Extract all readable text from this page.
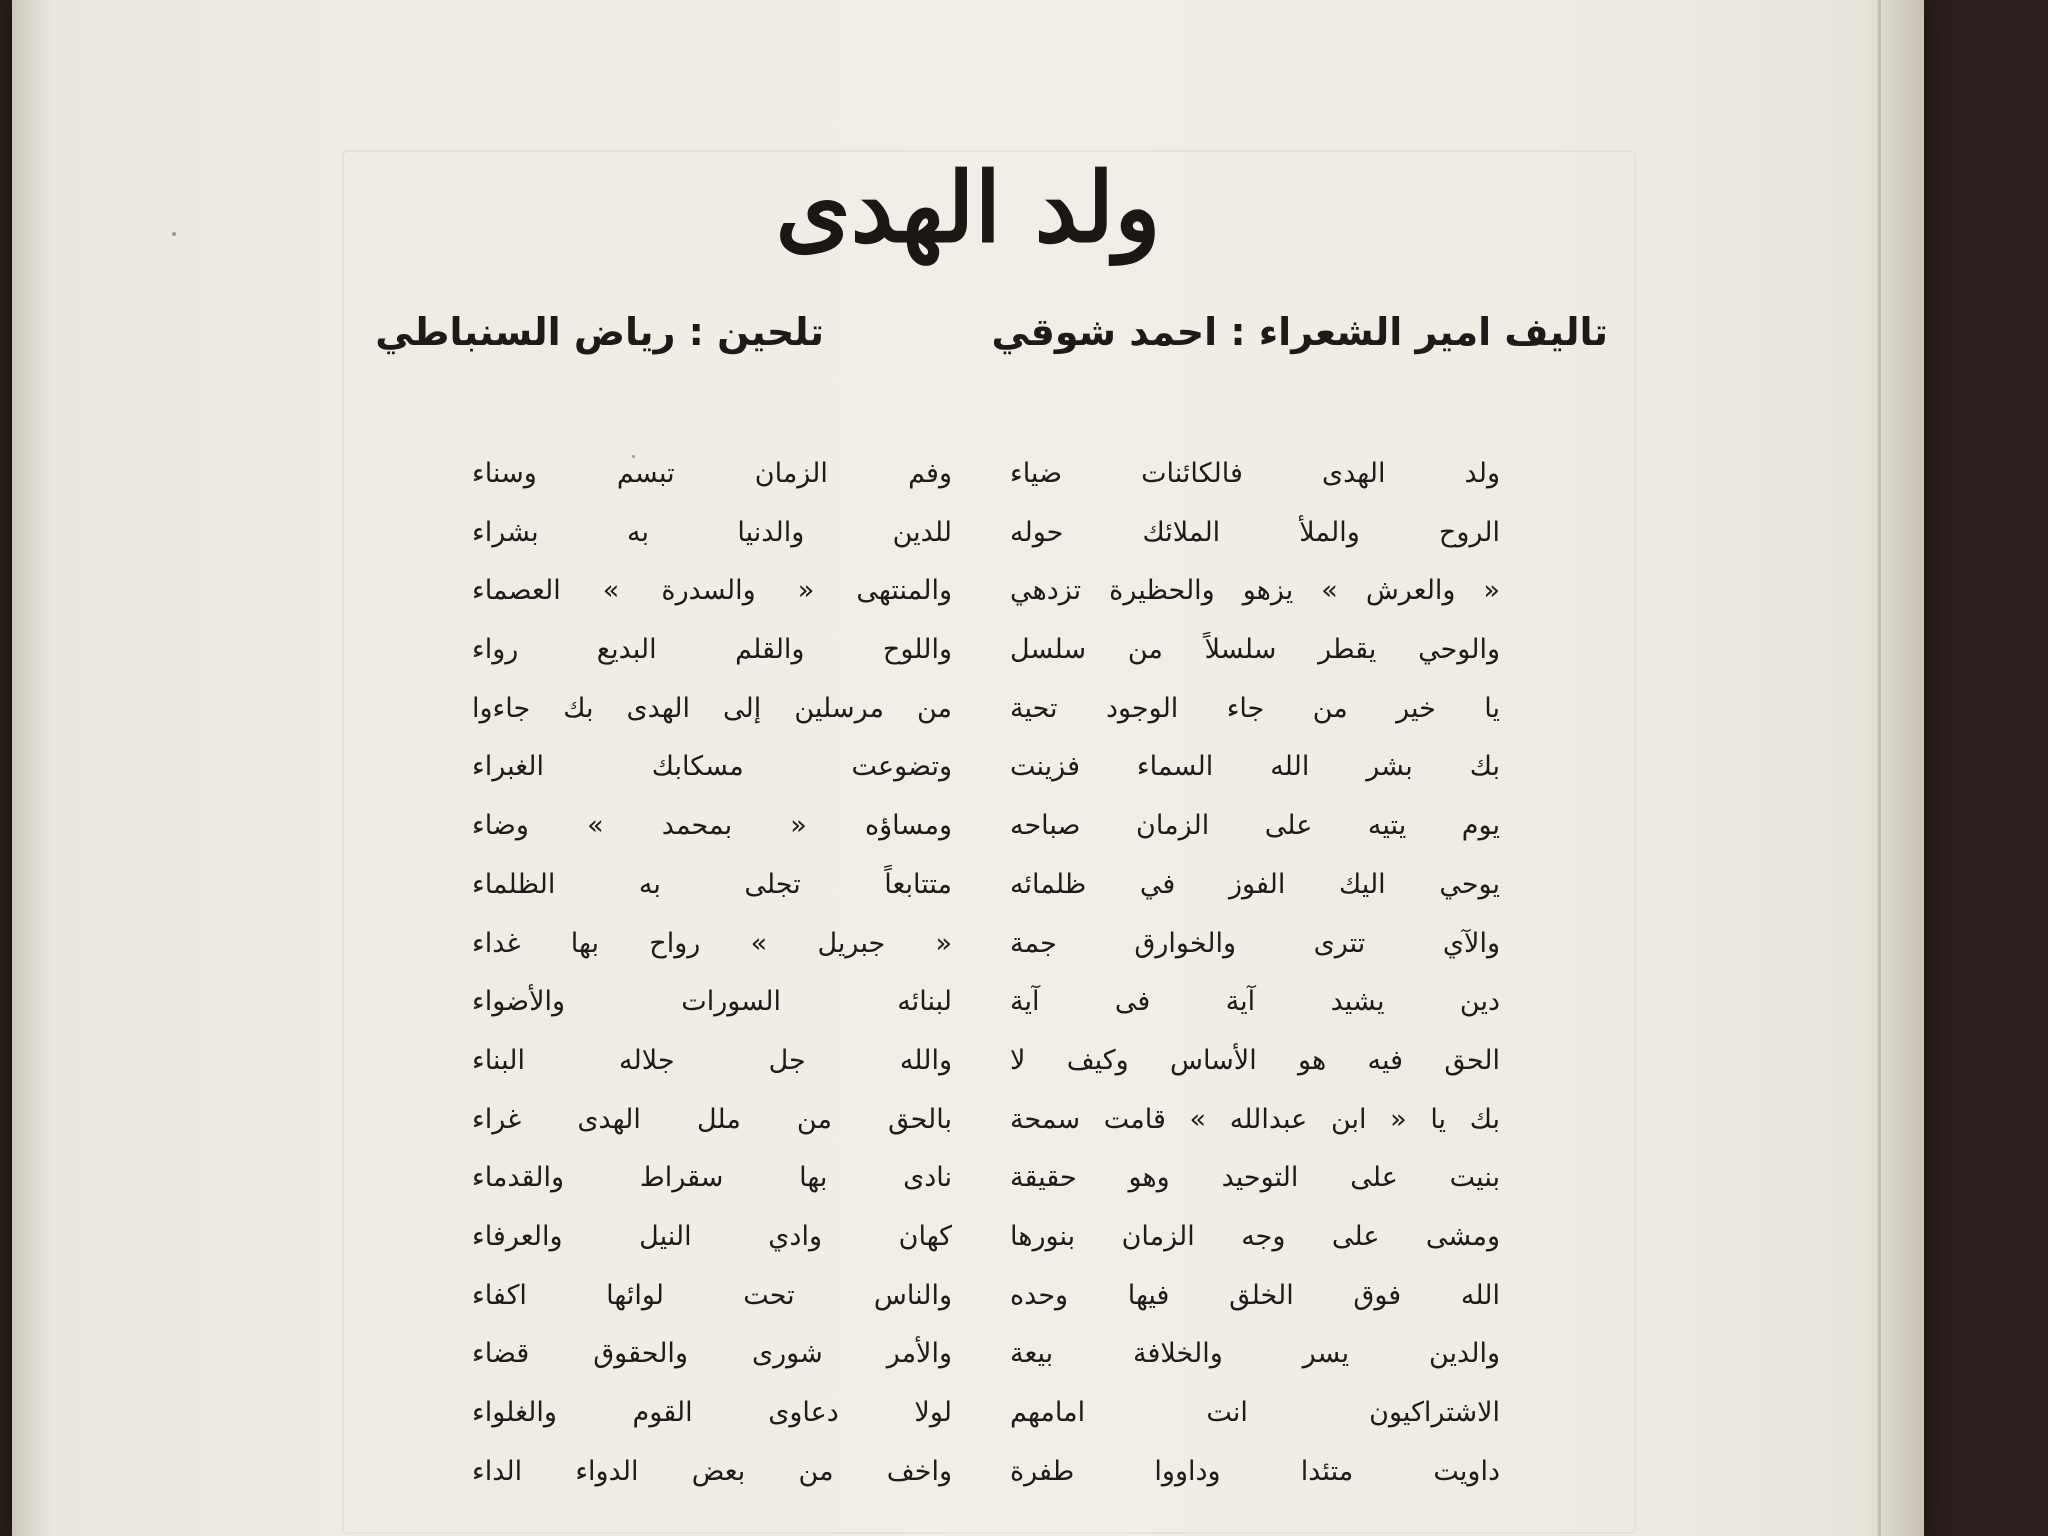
ولد الهدى
تاليف امير الشعراء : احمد شوقي
تلحين : رياض السنباطي
ولد الهدى فالكائنات ضياء
الروح والملأ الملائك حوله
« والعرش » يزهو والحظيرة تزدهي
والوحي يقطر سلسلاً من سلسل
يا خير من جاء الوجود تحية
بك بشر الله السماء فزينت
يوم يتيه على الزمان صباحه
يوحي اليك الفوز في ظلمائه
والآي تترى والخوارق جمة
دين يشيد آية فى آية
الحق فيه هو الأساس وكيف لا
بك يا « ابن عبدالله » قامت سمحة
بنيت على التوحيد وهو حقيقة
ومشى على وجه الزمان بنورها
الله فوق الخلق فيها وحده
والدين يسر والخلافة بيعة
الاشتراكيون انت امامهم
داويت متئدا وداووا طفرة
وفم الزمان تبسم وسناء
للدين والدنيا به بشراء
والمنتهى « والسدرة » العصماء
واللوح والقلم البديع رواء
من مرسلين إلى الهدى بك جاءوا
وتضوعت مسكابك الغبراء
ومساؤه « بمحمد » وضاء
متتابعاً تجلى به الظلماء
« جبريل » رواح بها غداء
لبنائه السورات والأضواء
والله جل جلاله البناء
بالحق من ملل الهدى غراء
نادى بها سقراط والقدماء
كهان وادي النيل والعرفاء
والناس تحت لوائها اكفاء
والأمر شورى والحقوق قضاء
لولا دعاوى القوم والغلواء
واخف من بعض الدواء الداء
